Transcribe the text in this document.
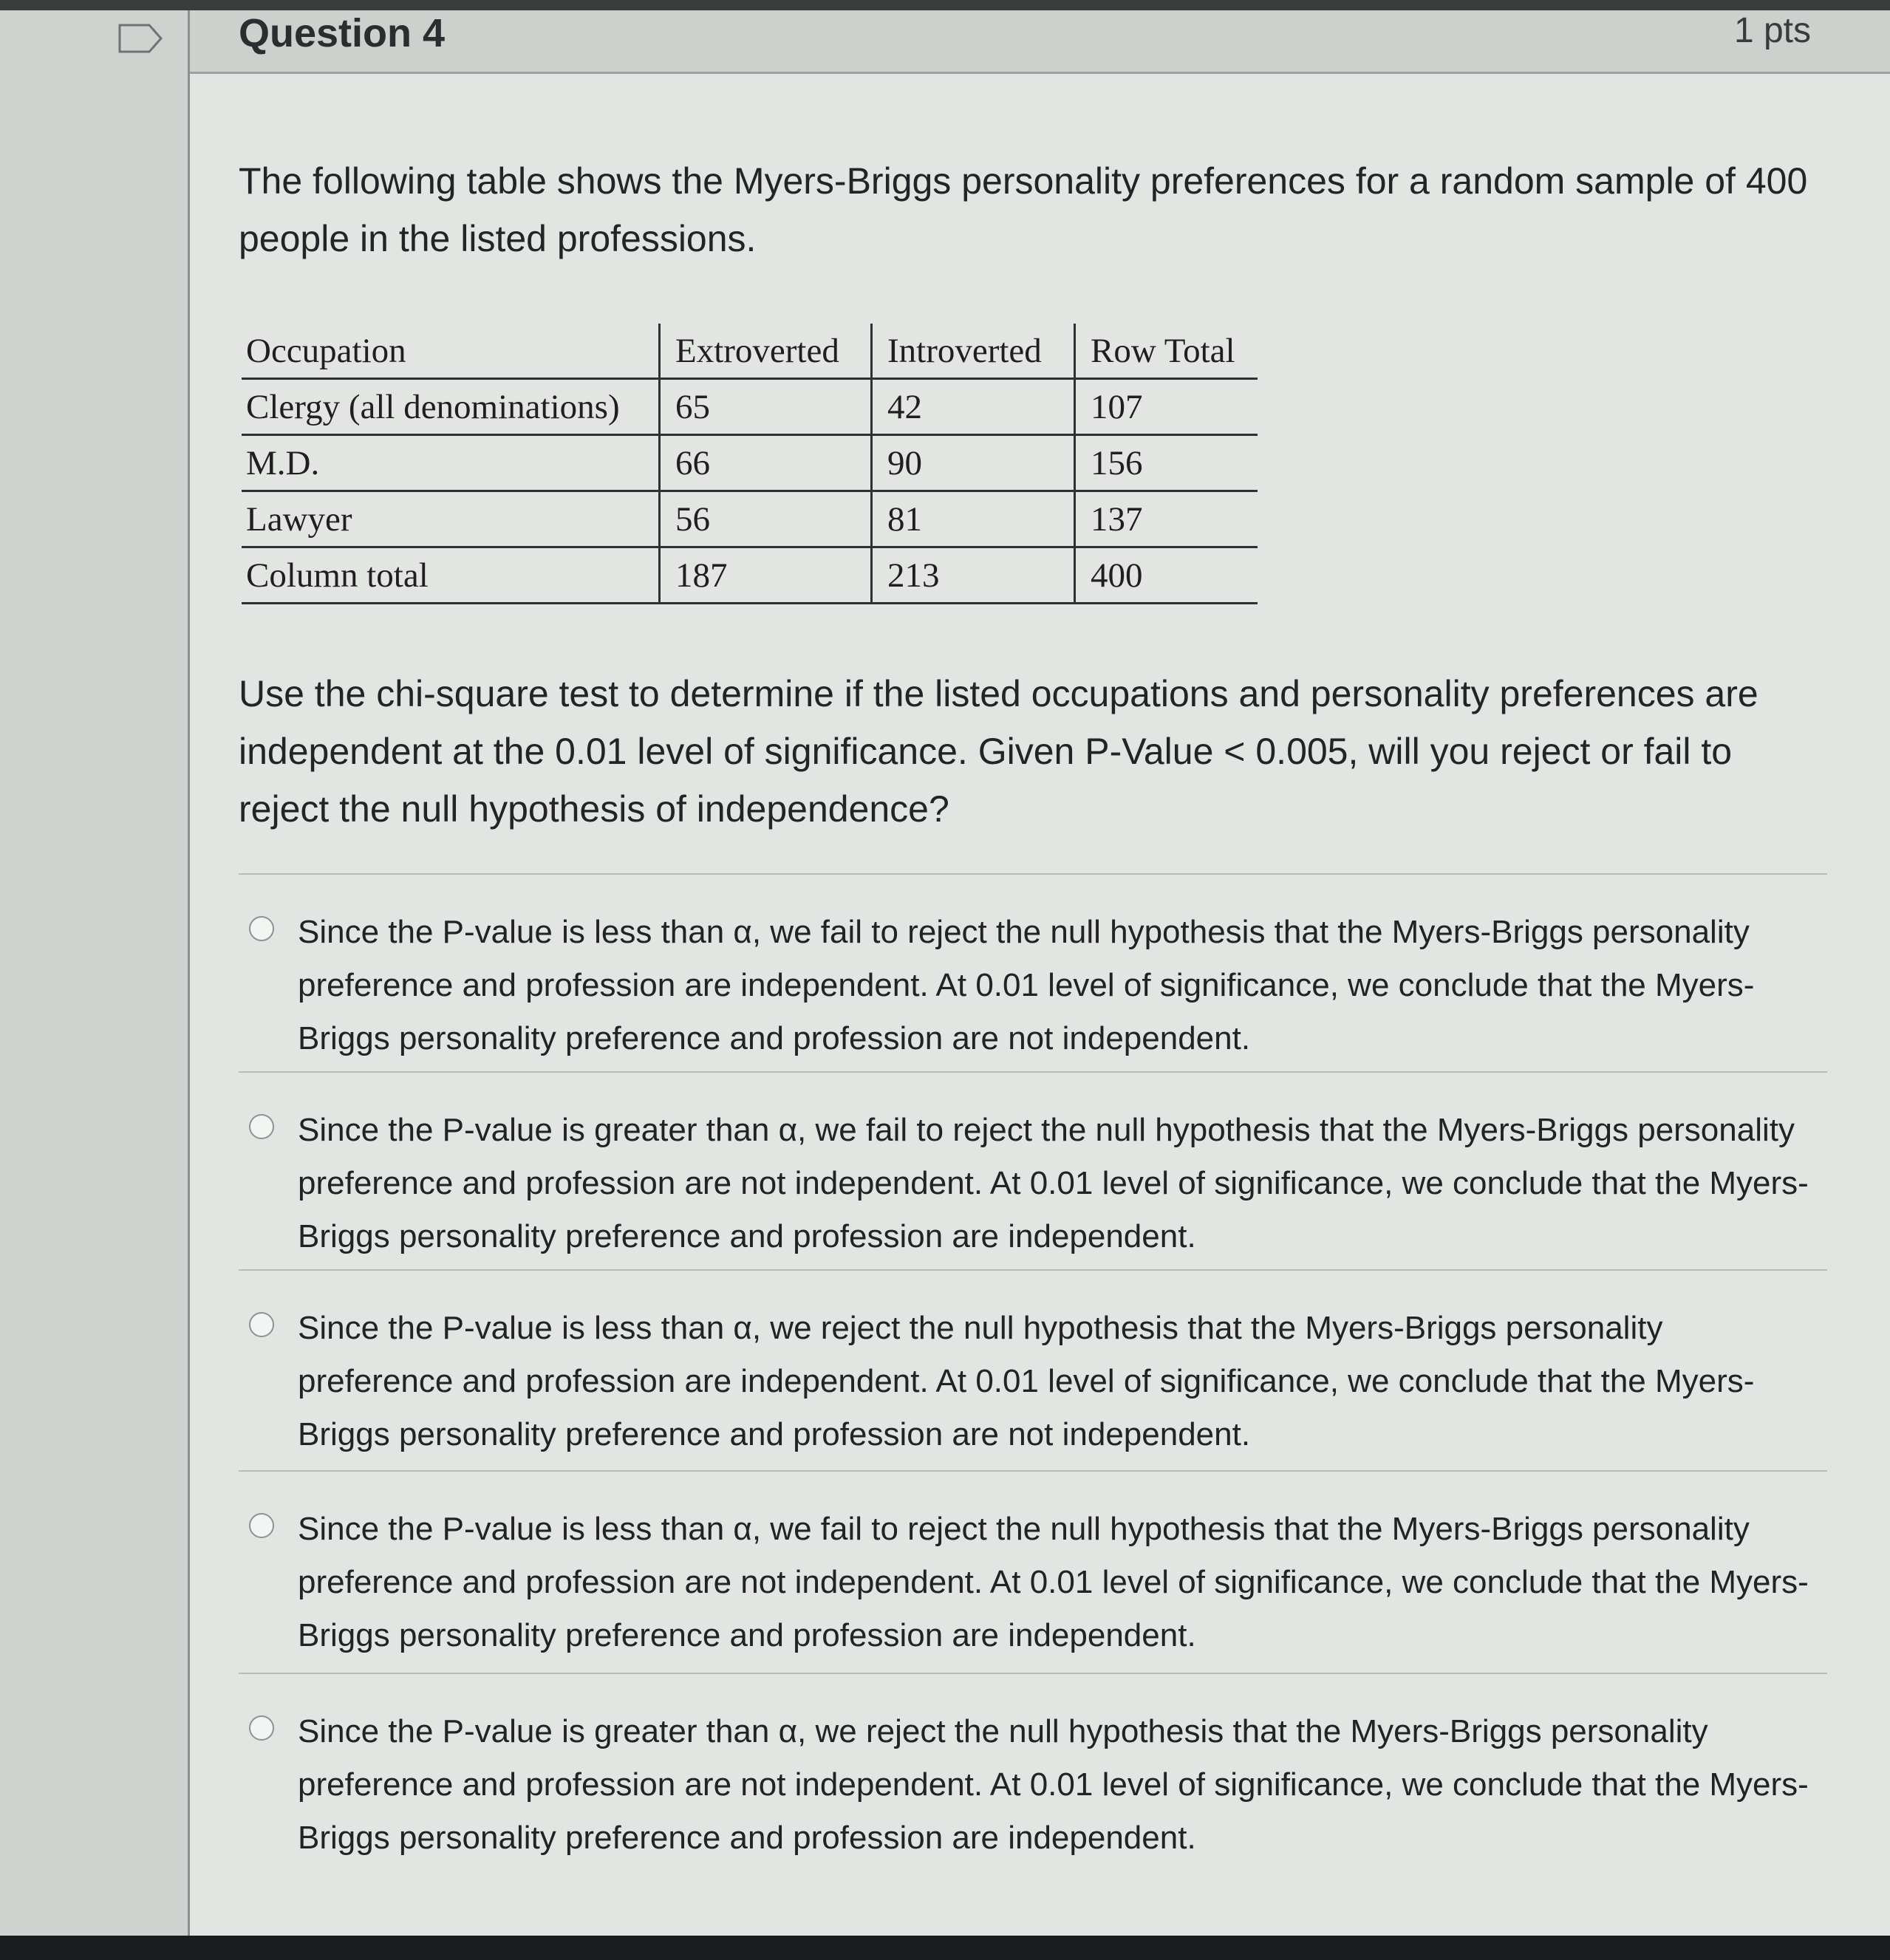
Question 4	1 pts
The following table shows the Myers-Briggs personality preferences for a random sample of 400 people in the listed professions.
Occupation	Extroverted	Introverted	Row Total
Clergy (all denominations)	65	42	107
M.D.	66	90	156
Lawyer	56	81	137
Column total	187	213	400
Use the chi-square test to determine if the listed occupations and personality preferences are independent at the 0.01 level of significance. Given P-Value < 0.005, will you reject or fail to reject the null hypothesis of independence?
Since the P-value is less than α, we fail to reject the null hypothesis that the Myers-Briggs personality preference and profession are independent. At 0.01 level of significance, we conclude that the Myers-Briggs personality preference and profession are not independent.
Since the P-value is greater than α, we fail to reject the null hypothesis that the Myers-Briggs personality preference and profession are not independent. At 0.01 level of significance, we conclude that the Myers-Briggs personality preference and profession are independent.
Since the P-value is less than α, we reject the null hypothesis that the Myers-Briggs personality preference and profession are independent. At 0.01 level of significance, we conclude that the Myers-Briggs personality preference and profession are not independent.
Since the P-value is less than α, we fail to reject the null hypothesis that the Myers-Briggs personality preference and profession are not independent. At 0.01 level of significance, we conclude that the Myers-Briggs personality preference and profession are independent.
Since the P-value is greater than α, we reject the null hypothesis that the Myers-Briggs personality preference and profession are not independent. At 0.01 level of significance, we conclude that the Myers-Briggs personality preference and profession are independent.
